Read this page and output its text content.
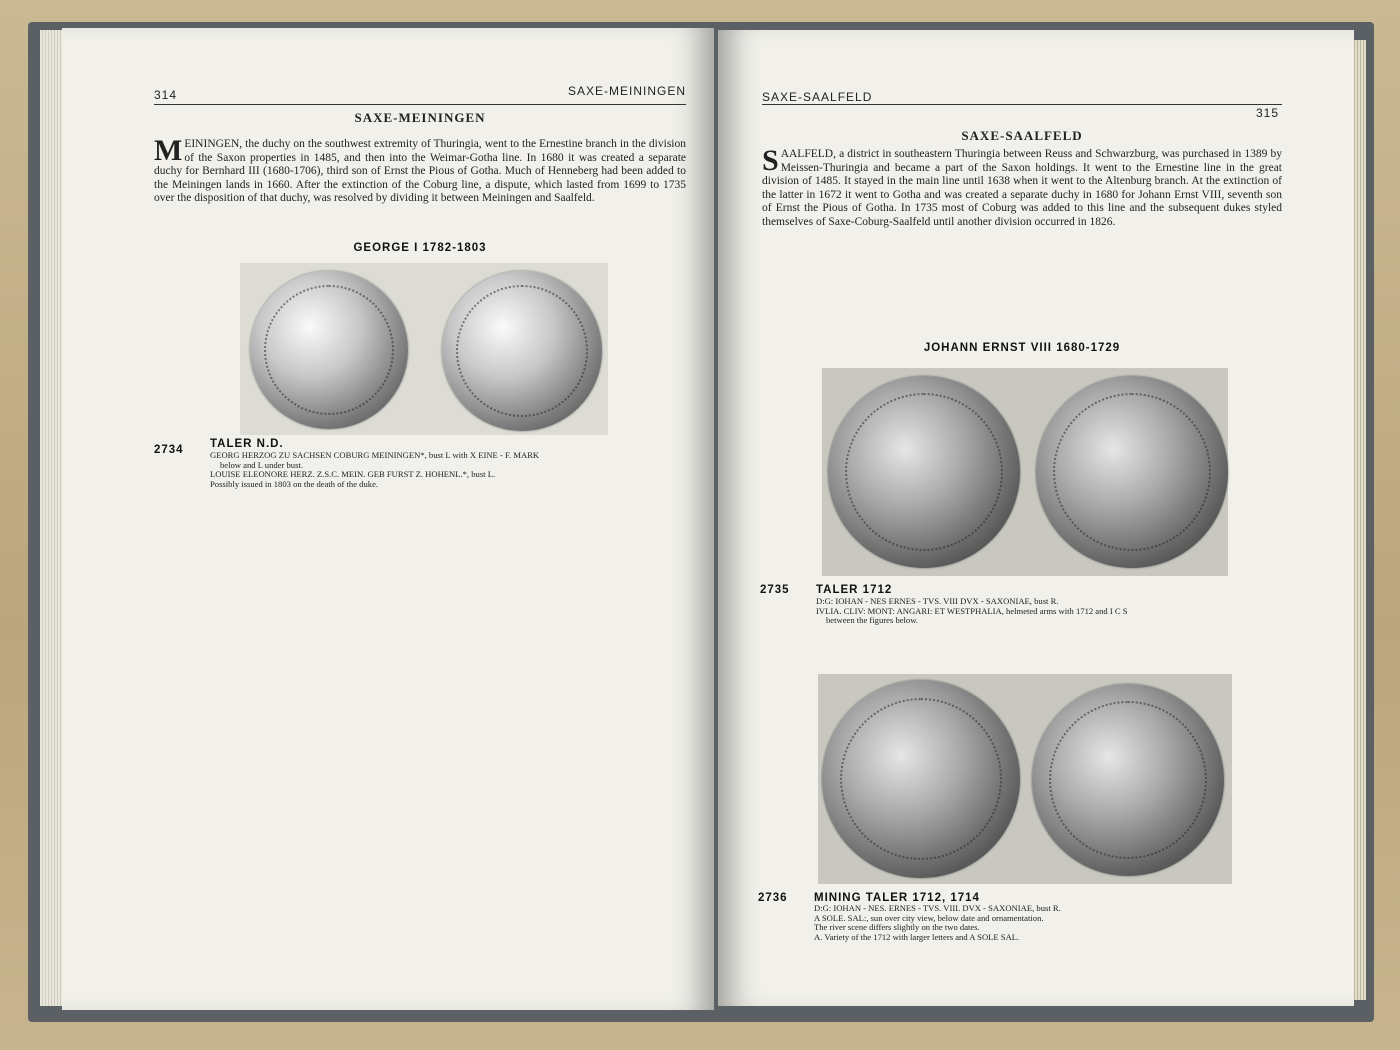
314	SAXE-MEININGEN
SAXE-MEININGEN

MEININGEN, the duchy on the southwest extremity of Thuringia, went to the Ernestine branch in the division of the Saxon properties in 1485, and then into the Weimar-Gotha line. In 1680 it was created a separate duchy for Bernhard III (1680-1706), third son of Ernst the Pious of Gotha. Much of Henneberg had been added to the Meiningen lands in 1660. After the extinction of the Coburg line, a dispute, which lasted from 1699 to 1735 over the disposition of that duchy, was resolved by dividing it between Meiningen and Saalfeld.

GEORGE I 1782-1803
2734 TALER N.D.
GEORG HERZOG ZU SACHSEN COBURG MEININGEN*, bust L with X EINE - F. MARK
below and L under bust.
LOUISE ELEONORE HERZ. Z.S.C. MEIN. GEB FURST Z. HOHENL.*, bust L.
Possibly issued in 1803 on the death of the duke.
SAXE-SAALFELD
315
SAXE-SAALFELD

SAALFELD, a district in southeastern Thuringia between Reuss and Schwarzburg, was purchased in 1389 by Meissen-Thuringia and became a part of the Saxon holdings. It went to the Ernestine line in the great division of 1485. It stayed in the main line until 1638 when it went to the Altenburg branch. At the extinction of the latter in 1672 it went to Gotha and was created a separate duchy in 1680 for Johann Ernst VIII, seventh son of Ernst the Pious of Gotha. In 1735 most of Coburg was added to this line and the subsequent dukes styled themselves of Saxe-Coburg-Saalfeld until another division occurred in 1826.

JOHANN ERNST VIII 1680-1729
2735 TALER 1712
D:G: IOHAN - NES ERNES - TVS. VIII DVX - SAXONIAE, bust R.
IVLIA. CLIV: MONT: ANGARI: ET WESTPHALIA, helmeted arms with 1712 and I C S
between the figures below.
2736 MINING TALER 1712, 1714
D:G: IOHAN - NES. ERNES - TVS. VIII. DVX - SAXONIAE, bust R.
A SOLE. SAL:, sun over city view, below date and ornamentation.
The river scene differs slightly on the two dates.
A. Variety of the 1712 with larger letters and A SOLE SAL.
